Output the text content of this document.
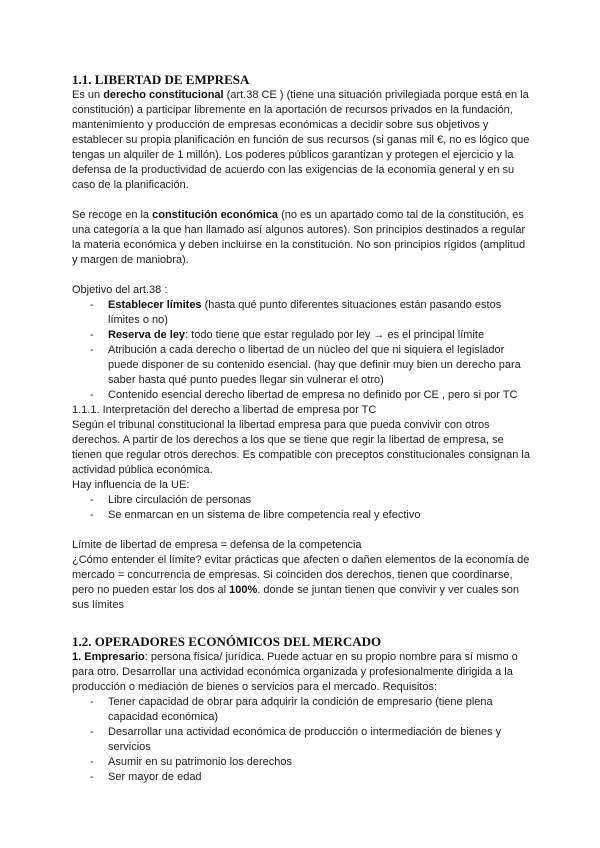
1.1. LIBERTAD DE EMPRESA

Es un derecho constitucional (art.38 CE ) (tiene una situación privilegiada porque está en la constitución) a participar libremente en la aportación de recursos privados en la fundación, mantenimiento y producción de empresas económicas a decidir sobre sus objetivos y establecer su propia planificación en función de sus recursos (si ganas mil €, no es lógico que tengas un alquiler de 1 millón). Los poderes públicos garantizan y protegen el ejercicio y la defensa de la productividad de acuerdo con las exigencias de la economía general y en su caso de la planificación.

Se recoge en la constitución económica (no es un apartado como tal de la constitución, es una categoría a la que han llamado así algunos autores). Son principios destinados a regular la materia económica y deben incluirse en la constitución. No son principios rígidos (amplitud y margen de maniobra).

Objetivo del art.38 :

- Establecer límites (hasta qué punto diferentes situaciones están pasando estos límites o no)
- Reserva de ley: todo tiene que estar regulado por ley → es el principal límite
- Atribución a cada derecho o libertad de un núcleo del que ni siquiera el legislador puede disponer de su contenido esencial. (hay que definir muy bien un derecho para saber hasta qué punto puedes llegar sin vulnerar el otro)
- Contenido esencial derecho libertad de empresa no definido por CE , pero si por TC

1.1.1. Interpretación del derecho a libertad de empresa por TC

Según el tribunal constitucional la libertad empresa para que pueda convivir con otros derechos. A partir de los derechos a los que se tiene que regir la libertad de empresa, se tienen que regular otros derechos. Es compatible con preceptos constitucionales consignan la actividad pública económica.

Hay influencia de la UE:

- Libre circulación de personas
- Se enmarcan en un sistema de libre competencia real y efectivo

Límite de libertad de empresa = defensa de la competencia

¿Cómo entender el límite? evitar prácticas que afecten o dañen elementos de la economía de mercado = concurrencia de empresas. Si coinciden dos derechos, tienen que coordinarse, pero no pueden estar los dos al 100%. donde se juntan tienen que convivir y ver cuales son sus límites

1.2. OPERADORES ECONÓMICOS DEL MERCADO

1. Empresario: persona física/ jurídica. Puede actuar en su propio nombre para sí mismo o para otro. Desarrollar una actividad económica organizada y profesionalmente dirigida a la producción o mediación de bienes o servicios para el mercado. Requisitos:

- Tener capacidad de obrar para adquirir la condición de empresario (tiene plena capacidad económica)
- Desarrollar una actividad económica de producción o intermediación de bienes y servicios
- Asumir en su patrimonio los derechos
- Ser mayor de edad
